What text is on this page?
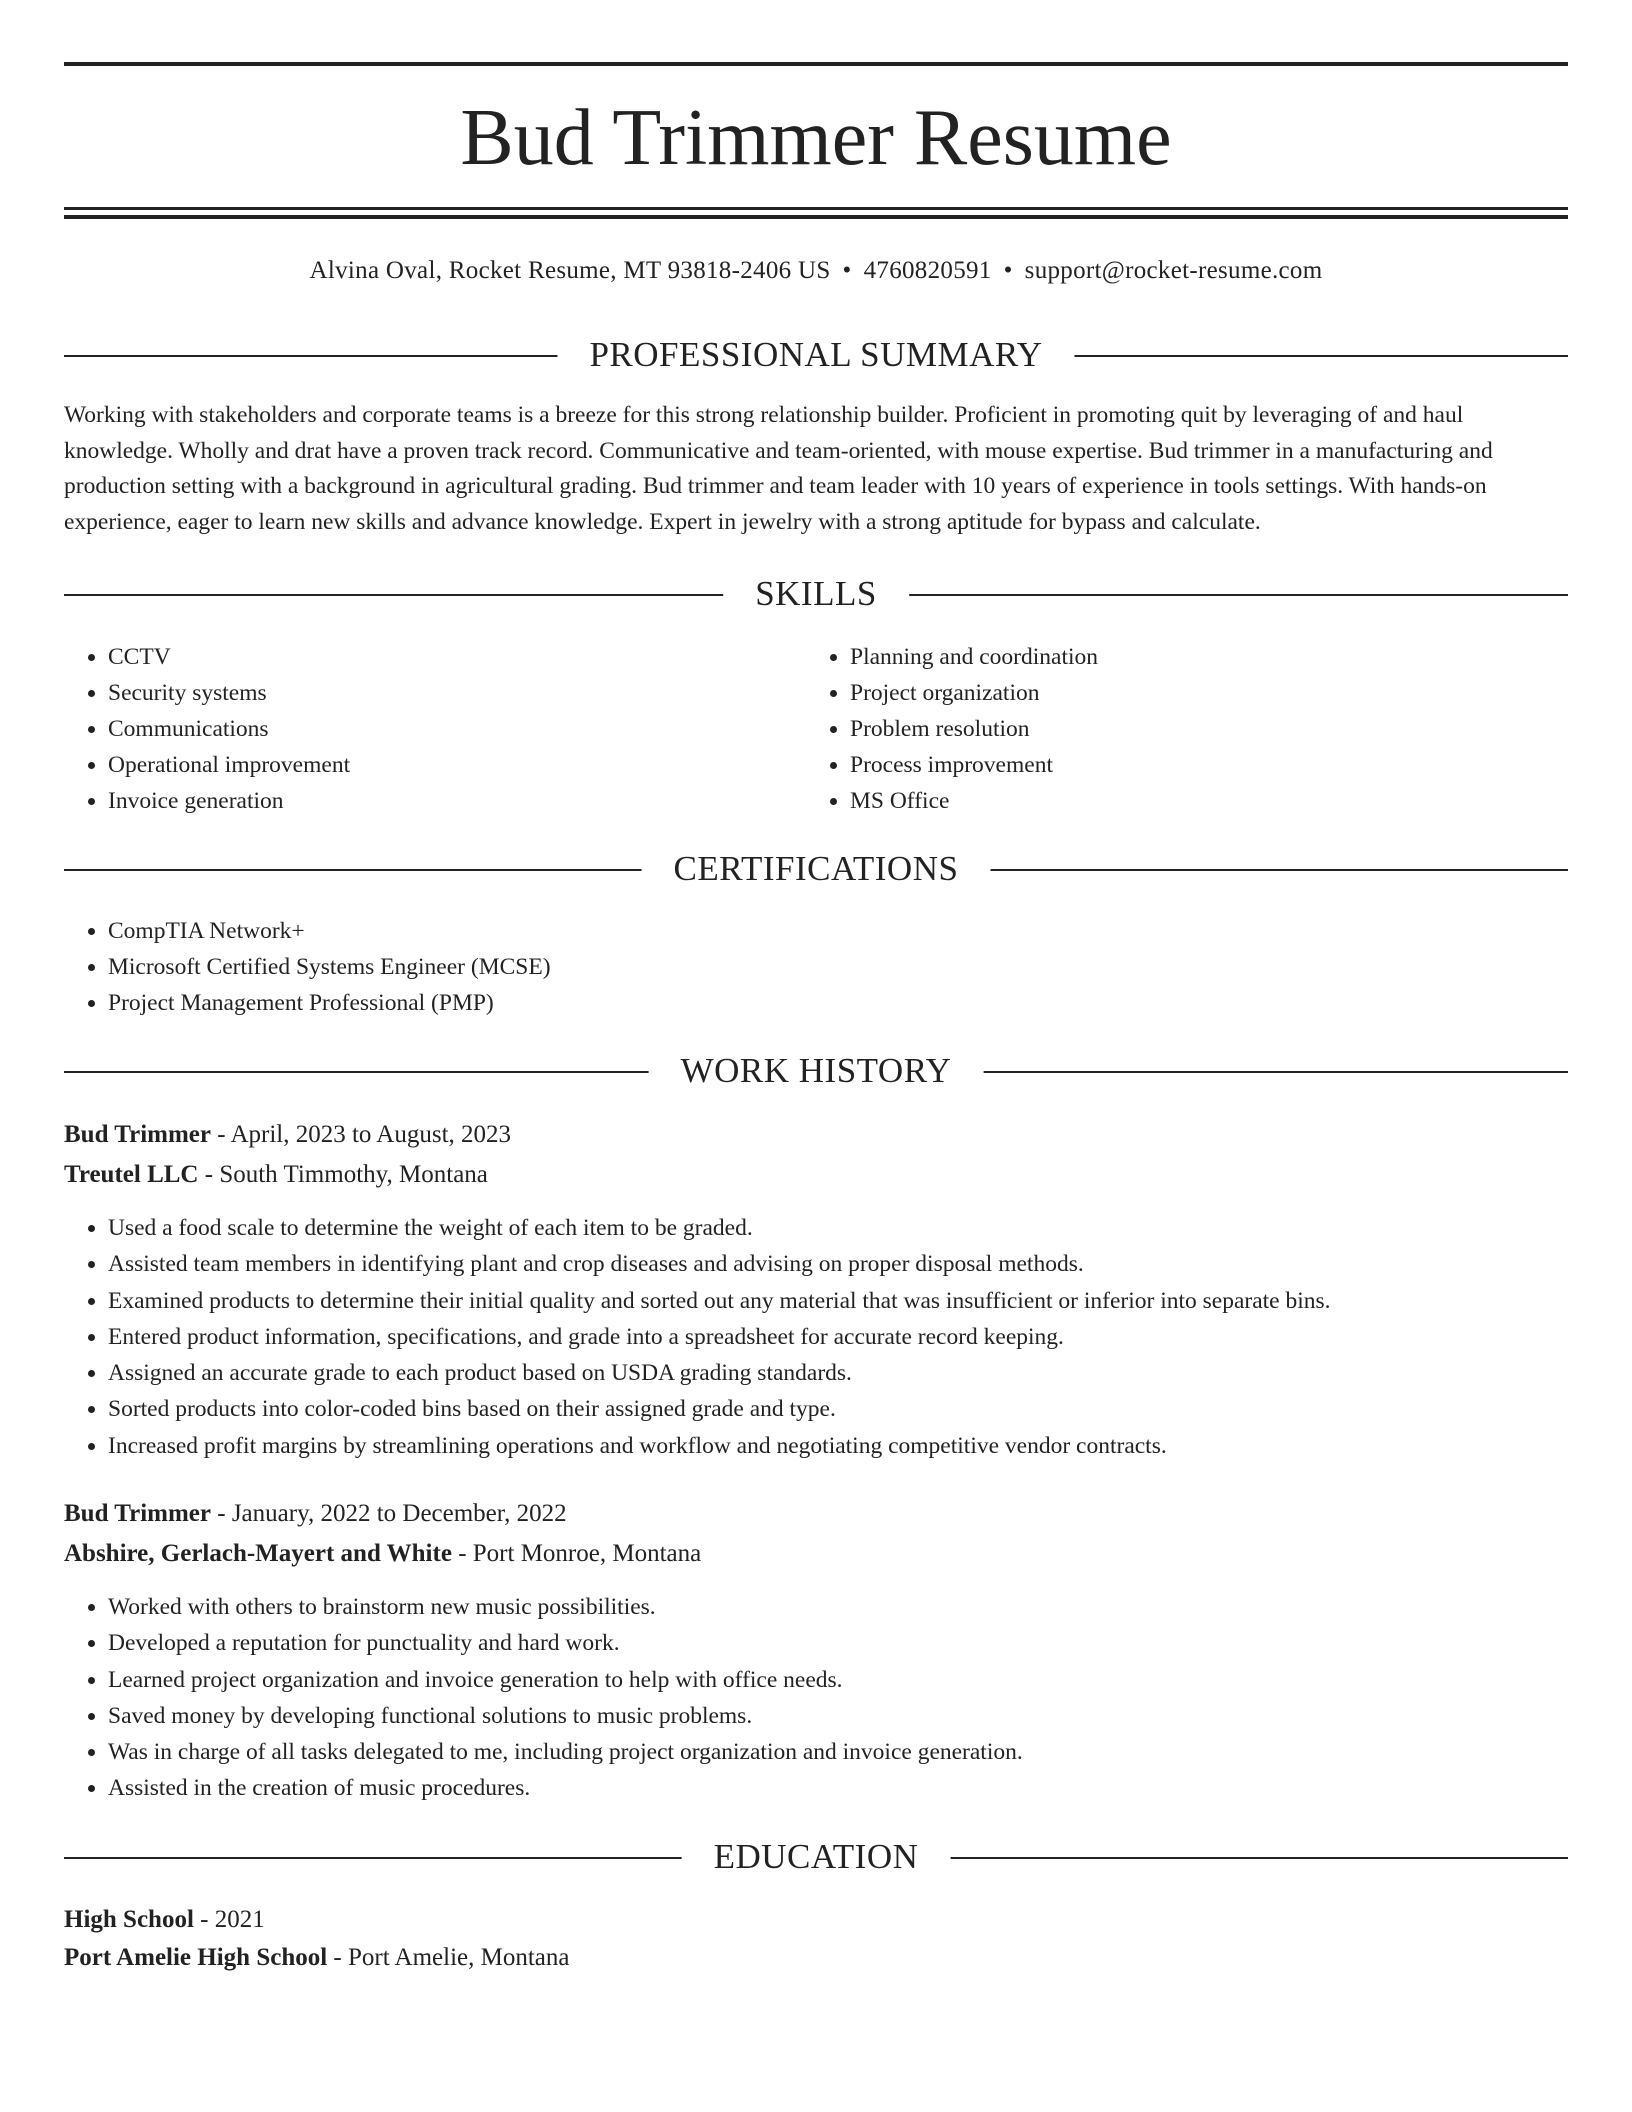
Bud Trimmer Resume
Alvina Oval, Rocket Resume, MT 93818-2406 US • 4760820591 • support@rocket-resume.com
PROFESSIONAL SUMMARY

Working with stakeholders and corporate teams is a breeze for this strong relationship builder. Proficient in promoting quit by leveraging of and haul knowledge. Wholly and drat have a proven track record. Communicative and team-oriented, with mouse expertise. Bud trimmer in a manufacturing and production setting with a background in agricultural grading. Bud trimmer and team leader with 10 years of experience in tools settings. With hands-on experience, eager to learn new skills and advance knowledge. Expert in jewelry with a strong aptitude for bypass and calculate.

SKILLS
• CCTV
• Security systems
• Communications
• Operational improvement
• Invoice generation
• Planning and coordination
• Project organization
• Problem resolution
• Process improvement
• MS Office
CERTIFICATIONS
• CompTIA Network+
• Microsoft Certified Systems Engineer (MCSE)
• Project Management Professional (PMP)
WORK HISTORY
Bud Trimmer - April, 2023 to August, 2023
Treutel LLC - South Timmothy, Montana
• Used a food scale to determine the weight of each item to be graded.
• Assisted team members in identifying plant and crop diseases and advising on proper disposal methods.
• Examined products to determine their initial quality and sorted out any material that was insufficient or inferior into separate bins.
• Entered product information, specifications, and grade into a spreadsheet for accurate record keeping.
• Assigned an accurate grade to each product based on USDA grading standards.
• Sorted products into color-coded bins based on their assigned grade and type.
• Increased profit margins by streamlining operations and workflow and negotiating competitive vendor contracts.
Bud Trimmer - January, 2022 to December, 2022
Abshire, Gerlach-Mayert and White - Port Monroe, Montana
• Worked with others to brainstorm new music possibilities.
• Developed a reputation for punctuality and hard work.
• Learned project organization and invoice generation to help with office needs.
• Saved money by developing functional solutions to music problems.
• Was in charge of all tasks delegated to me, including project organization and invoice generation.
• Assisted in the creation of music procedures.
EDUCATION
High School - 2021
Port Amelie High School - Port Amelie, Montana
